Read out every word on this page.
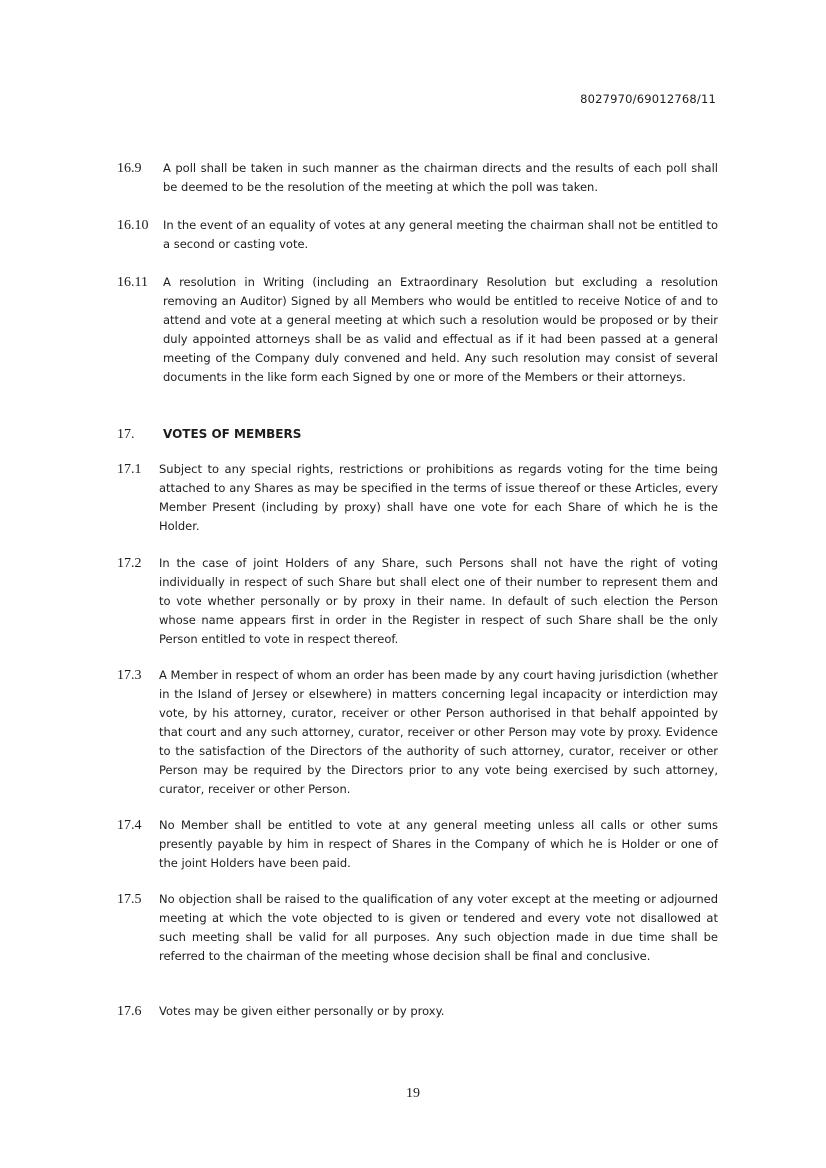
8027970/69012768/11
16.9 A poll shall be taken in such manner as the chairman directs and the results of each poll shall be deemed to be the resolution of the meeting at which the poll was taken.
16.10 In the event of an equality of votes at any general meeting the chairman shall not be entitled to a second or casting vote.
16.11 A resolution in Writing (including an Extraordinary Resolution but excluding a resolution removing an Auditor) Signed by all Members who would be entitled to receive Notice of and to attend and vote at a general meeting at which such a resolution would be proposed or by their duly appointed attorneys shall be as valid and effectual as if it had been passed at a general meeting of the Company duly convened and held. Any such resolution may consist of several documents in the like form each Signed by one or more of the Members or their attorneys.
17. VOTES OF MEMBERS
17.1 Subject to any special rights, restrictions or prohibitions as regards voting for the time being attached to any Shares as may be specified in the terms of issue thereof or these Articles, every Member Present (including by proxy) shall have one vote for each Share of which he is the Holder.
17.2 In the case of joint Holders of any Share, such Persons shall not have the right of voting individually in respect of such Share but shall elect one of their number to represent them and to vote whether personally or by proxy in their name. In default of such election the Person whose name appears first in order in the Register in respect of such Share shall be the only Person entitled to vote in respect thereof.
17.3 A Member in respect of whom an order has been made by any court having jurisdiction (whether in the Island of Jersey or elsewhere) in matters concerning legal incapacity or interdiction may vote, by his attorney, curator, receiver or other Person authorised in that behalf appointed by that court and any such attorney, curator, receiver or other Person may vote by proxy. Evidence to the satisfaction of the Directors of the authority of such attorney, curator, receiver or other Person may be required by the Directors prior to any vote being exercised by such attorney, curator, receiver or other Person.
17.4 No Member shall be entitled to vote at any general meeting unless all calls or other sums presently payable by him in respect of Shares in the Company of which he is Holder or one of the joint Holders have been paid.
17.5 No objection shall be raised to the qualification of any voter except at the meeting or adjourned meeting at which the vote objected to is given or tendered and every vote not disallowed at such meeting shall be valid for all purposes. Any such objection made in due time shall be referred to the chairman of the meeting whose decision shall be final and conclusive.
17.6 Votes may be given either personally or by proxy.
19
